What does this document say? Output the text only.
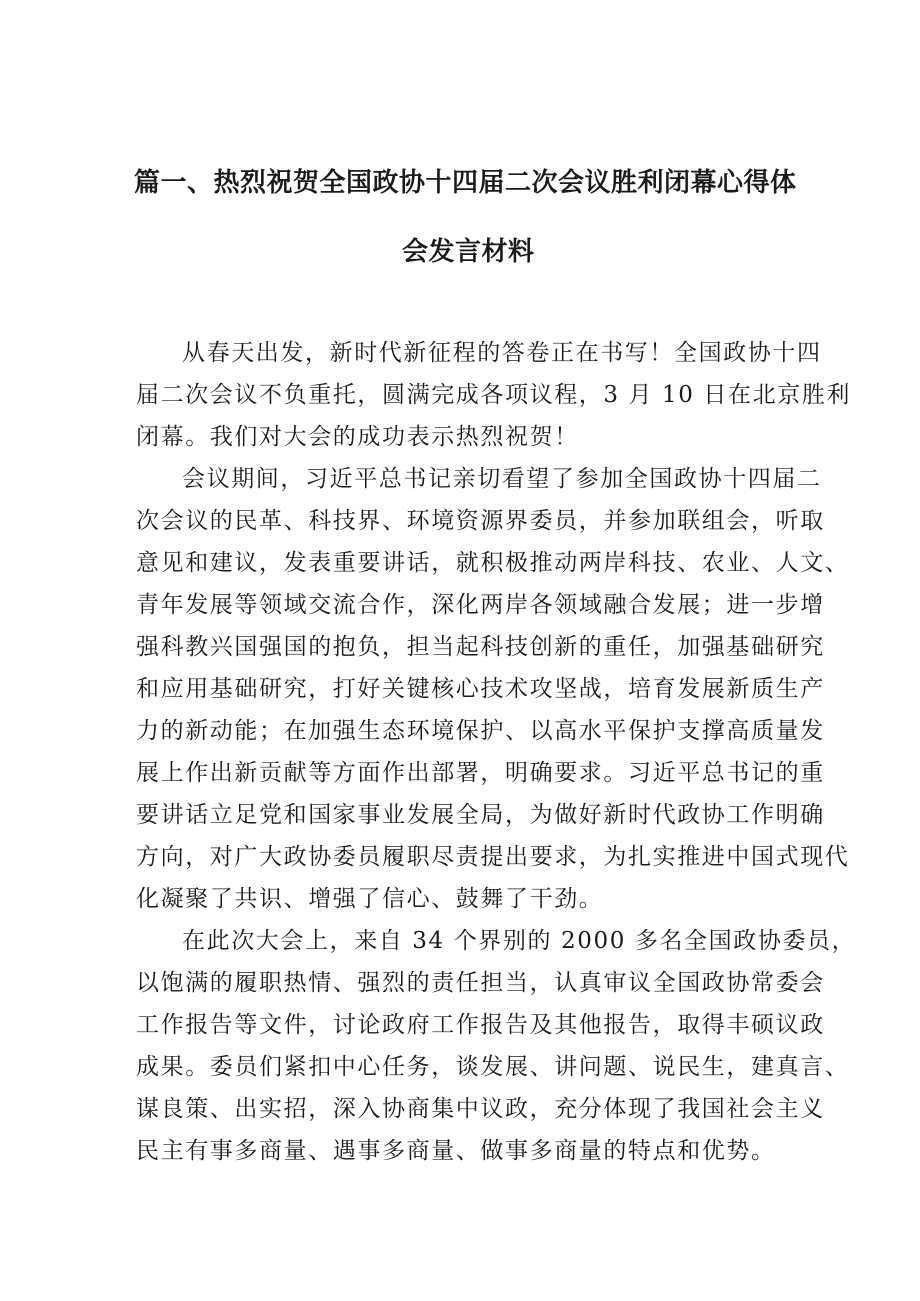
篇一、热烈祝贺全国政协十四届二次会议胜利闭幕心得体
会发言材料
从春天出发，新时代新征程的答卷正在书写！全国政协十四
届二次会议不负重托，圆满完成各项议程，3 月 10 日在北京胜利
闭幕。我们对大会的成功表示热烈祝贺！
会议期间，习近平总书记亲切看望了参加全国政协十四届二
次会议的民革、科技界、环境资源界委员，并参加联组会，听取
意见和建议，发表重要讲话，就积极推动两岸科技、农业、人文、
青年发展等领域交流合作，深化两岸各领域融合发展；进一步增
强科教兴国强国的抱负，担当起科技创新的重任，加强基础研究
和应用基础研究，打好关键核心技术攻坚战，培育发展新质生产
力的新动能；在加强生态环境保护、以高水平保护支撑高质量发
展上作出新贡献等方面作出部署，明确要求。习近平总书记的重
要讲话立足党和国家事业发展全局，为做好新时代政协工作明确
方向，对广大政协委员履职尽责提出要求，为扎实推进中国式现代
化凝聚了共识、增强了信心、鼓舞了干劲。
在此次大会上，来自 34 个界别的 2000 多名全国政协委员，
以饱满的履职热情、强烈的责任担当，认真审议全国政协常委会
工作报告等文件，讨论政府工作报告及其他报告，取得丰硕议政
成果。委员们紧扣中心任务，谈发展、讲问题、说民生，建真言、
谋良策、出实招，深入协商集中议政，充分体现了我国社会主义
民主有事多商量、遇事多商量、做事多商量的特点和优势。
